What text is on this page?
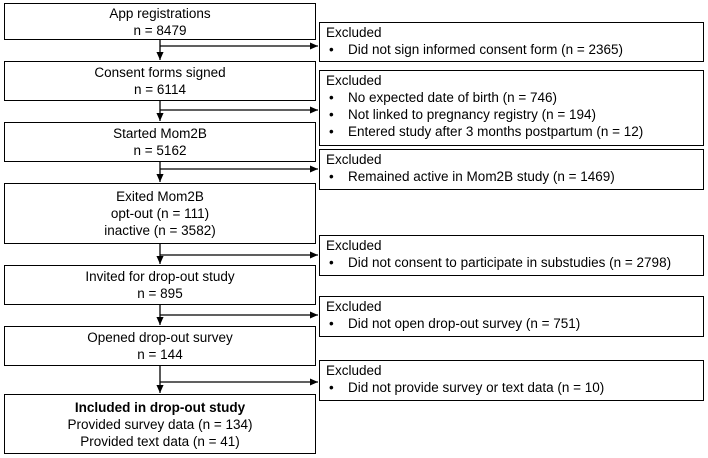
App registrations
n = 8479
Consent forms signed
n = 6114
Started Mom2B
n = 5162
Exited Mom2B
opt-out (n = 111)
inactive (n = 3582)
Invited for drop-out study
n = 895
Opened drop-out survey
n = 144
Included in drop-out study
Provided survey data (n = 134)
Provided text data (n = 41)
Excluded
• Did not sign informed consent form (n = 2365)
Excluded
• No expected date of birth (n = 746)
• Not linked to pregnancy registry (n = 194)
• Entered study after 3 months postpartum (n = 12)
Excluded
• Remained active in Mom2B study (n = 1469)
Excluded
• Did not consent to participate in substudies (n = 2798)
Excluded
• Did not open drop-out survey (n = 751)
Excluded
• Did not provide survey or text data (n = 10)
